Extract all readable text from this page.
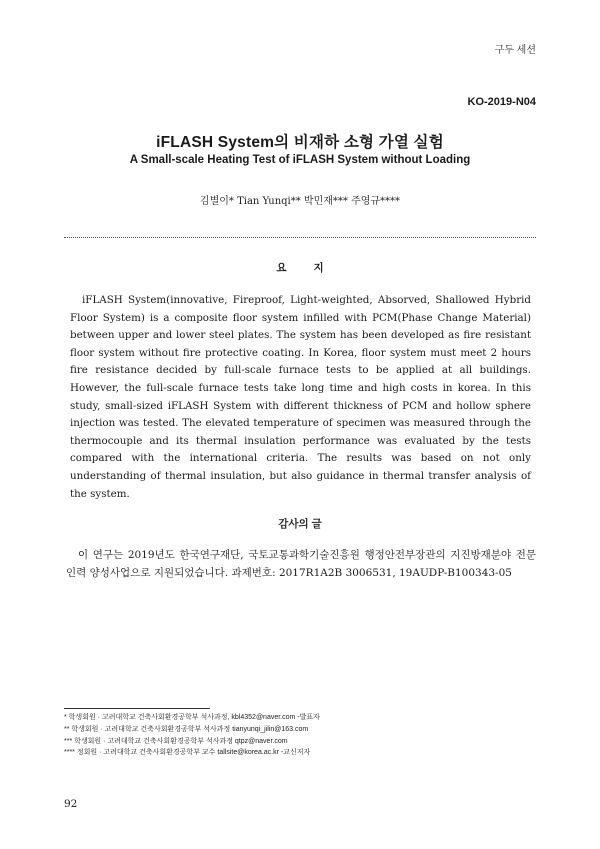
구두 세션
KO-2019-N04
iFLASH System의 비재하 소형 가열 실험
A Small-scale Heating Test of iFLASH System without Loading
김별이* Tian Yunqi** 박민재*** 주영규****
요 지

iFLASH System(innovative, Fireproof, Light-weighted, Absorved, Shallowed Hybrid Floor System) is a composite floor system infilled with PCM(Phase Change Material) between upper and lower steel plates. The system has been developed as fire resistant floor system without fire protective coating. In Korea, floor system must meet 2 hours fire resistance decided by full-scale furnace tests to be applied at all buildings. However, the full-scale furnace tests take long time and high costs in korea. In this study, small-sized iFLASH System with different thickness of PCM and hollow sphere injection was tested. The elevated temperature of specimen was measured through the thermocouple and its thermal insulation performance was evaluated by the tests compared with the international criteria. The results was based on not only understanding of thermal insulation, but also guidance in thermal transfer analysis of the system.

감사의 글

이 연구는 2019년도 한국연구재단, 국토교통과학기술진흥원 행정안전부장관의 지진방재분야 전문인력 양성사업으로 지원되었습니다. 과제번호: 2017R1A2B 3006531, 19AUDP-B100343-05

* 학생회원 · 고려대학교 건축사회환경공학부 석사과정, kbl4352@naver.com -발표자
** 학생회원 · 고려대학교 건축사회환경공학부 석사과정 tianyunqi_jilin@163.com
*** 학생회원 · 고려대학교 건축사회환경공학부 석사과정 qtpz@naver.com
**** 정회원 · 고려대학교 건축사회환경공학부 교수 tallsite@korea.ac.kr -교신저자
92
